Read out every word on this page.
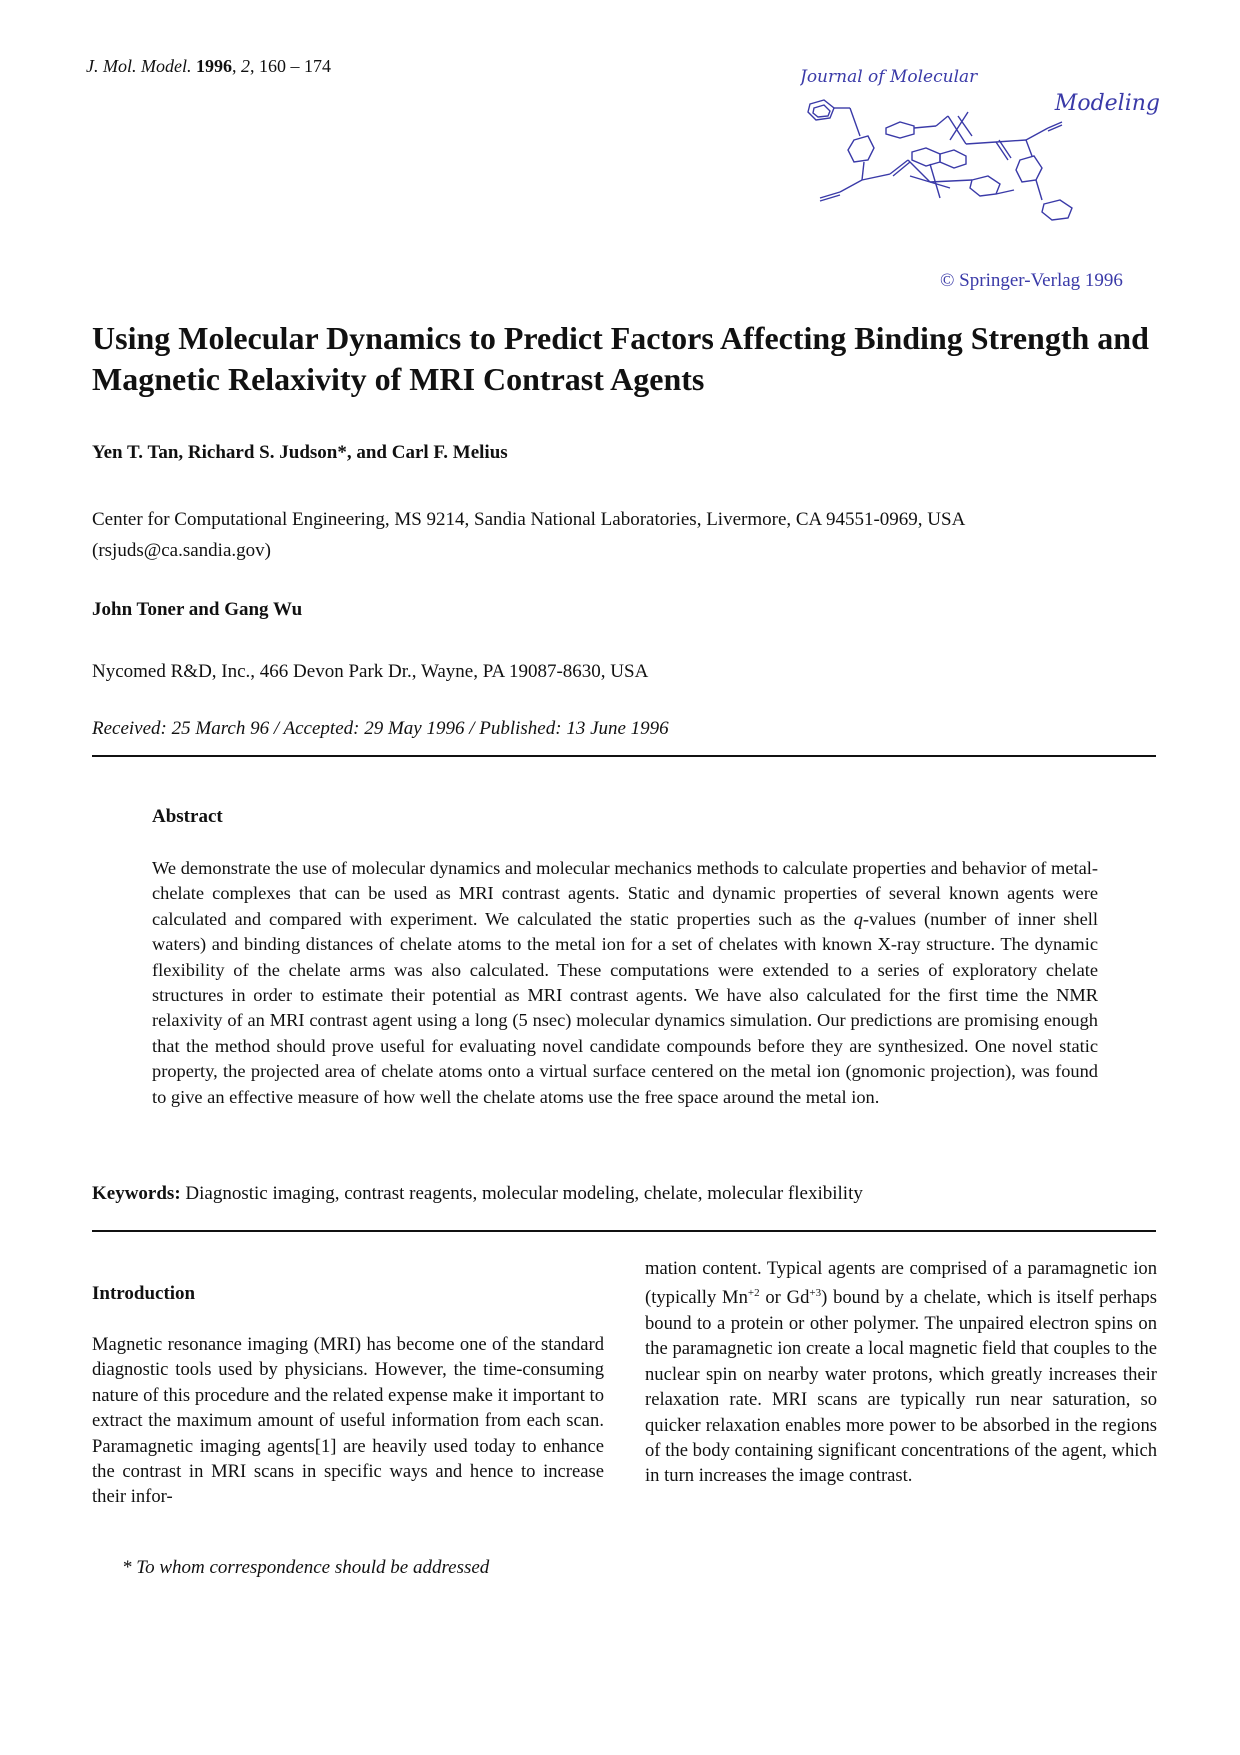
J. Mol. Model. 1996, 2, 160 – 174
Journal of Molecular
Modeling
© Springer-Verlag 1996
Using Molecular Dynamics to Predict Factors Affecting Binding Strength and Magnetic Relaxivity of MRI Contrast Agents
Yen T. Tan, Richard S. Judson*, and Carl F. Melius
Center for Computational Engineering, MS 9214, Sandia National Laboratories, Livermore, CA 94551-0969, USA
(rsjuds@ca.sandia.gov)
John Toner and Gang Wu
Nycomed R&D, Inc., 466 Devon Park Dr., Wayne, PA 19087-8630, USA
Received: 25 March 96 / Accepted: 29 May 1996 / Published: 13 June 1996
Abstract
We demonstrate the use of molecular dynamics and molecular mechanics methods to calculate properties and behavior of metal-chelate complexes that can be used as MRI contrast agents. Static and dynamic properties of several known agents were calculated and compared with experiment. We calculated the static properties such as the q-values (number of inner shell waters) and binding distances of chelate atoms to the metal ion for a set of chelates with known X-ray structure. The dynamic flexibility of the chelate arms was also calculated. These computations were extended to a series of exploratory chelate structures in order to estimate their potential as MRI contrast agents. We have also calculated for the first time the NMR relaxivity of an MRI contrast agent using a long (5 nsec) molecular dynamics simulation. Our predictions are promising enough that the method should prove useful for evaluating novel candidate compounds before they are synthesized. One novel static property, the projected area of chelate atoms onto a virtual surface centered on the metal ion (gnomonic projection), was found to give an effective measure of how well the chelate atoms use the free space around the metal ion.
Keywords: Diagnostic imaging, contrast reagents, molecular modeling, chelate, molecular flexibility
Introduction
Magnetic resonance imaging (MRI) has become one of the standard diagnostic tools used by physicians. However, the time-consuming nature of this procedure and the related expense make it important to extract the maximum amount of useful information from each scan. Paramagnetic imaging agents[1] are heavily used today to enhance the contrast in MRI scans in specific ways and hence to increase their infor-
mation content. Typical agents are comprised of a paramagnetic ion (typically $Mn^{+2}$ or $Gd^{+3}$) bound by a chelate, which is itself perhaps bound to a protein or other polymer. The unpaired electron spins on the paramagnetic ion create a local magnetic field that couples to the nuclear spin on nearby water protons, which greatly increases their relaxation rate. MRI scans are typically run near saturation, so quicker relaxation enables more power to be absorbed in the regions of the body containing significant concentrations of the agent, which in turn increases the image contrast.
* To whom correspondence should be addressed
